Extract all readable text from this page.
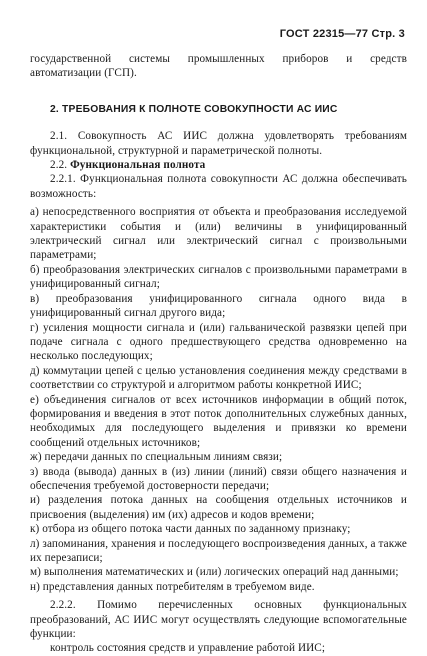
ГОСТ 22315—77 Стр. 3

государственной системы промышленных приборов и средств автоматизации (ГСП).

2. ТРЕБОВАНИЯ К ПОЛНОТЕ СОВОКУПНОСТИ АС ИИС

2.1. Совокупность АС ИИС должна удовлетворять требованиям функциональной, структурной и параметрической полноты.

2.2. Функциональная полнота

2.2.1. Функциональная полнота совокупности АС должна обеспечивать возможность:

а) непосредственного восприятия от объекта и преобразования исследуемой характеристики события и (или) величины в унифицированный электрический сигнал или электрический сигнал с произвольными параметрами;

б) преобразования электрических сигналов с произвольными параметрами в унифицированный сигнал;

в) преобразования унифицированного сигнала одного вида в унифицированный сигнал другого вида;

г) усиления мощности сигнала и (или) гальванической развязки цепей при подаче сигнала с одного предшествующего средства одновременно на несколько последующих;

д) коммутации цепей с целью установления соединения между средствами в соответствии со структурой и алгоритмом работы конкретной ИИС;

е) объединения сигналов от всех источников информации в общий поток, формирования и введения в этот поток дополнительных служебных данных, необходимых для последующего выделения и привязки ко времени сообщений отдельных источников;

ж) передачи данных по специальным линиям связи;

з) ввода (вывода) данных в (из) линии (линий) связи общего назначения и обеспечения требуемой достоверности передачи;

и) разделения потока данных на сообщения отдельных источников и присвоения (выделения) им (их) адресов и кодов времени;

к) отбора из общего потока части данных по заданному признаку;

л) запоминания, хранения и последующего воспроизведения данных, а также их перезаписи;

м) выполнения математических и (или) логических операций над данными;

н) представления данных потребителям в требуемом виде.

2.2.2. Помимо перечисленных основных функциональных преобразований, АС ИИС могут осуществлять следующие вспомогательные функции:

контроль состояния средств и управление работой ИИС;
